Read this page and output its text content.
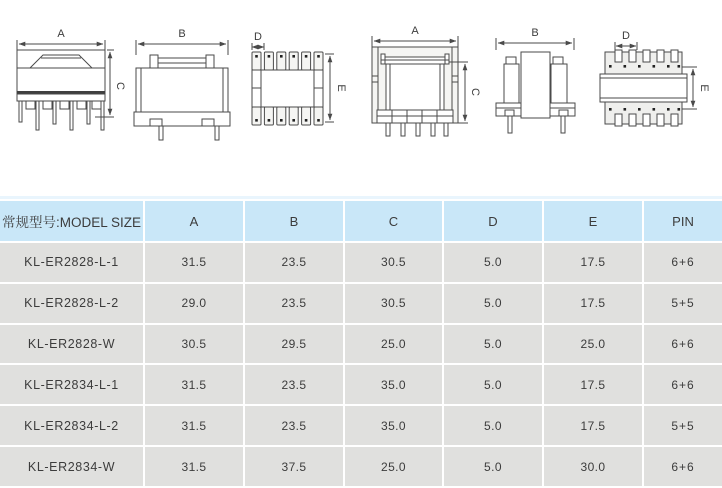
A
C
B	D
E
A
C
B	D
E
常规型号:MODEL SIZE	A	B	C	D	E	PIN
KL-ER2828-L-1	31.5	23.5	30.5	5.0	17.5	6+6
KL-ER2828-L-2	29.0	23.5	30.5	5.0	17.5	5+5
KL-ER2828-W	30.5	29.5	25.0	5.0	25.0	6+6
KL-ER2834-L-1	31.5	23.5	35.0	5.0	17.5	6+6
KL-ER2834-L-2	31.5	23.5	35.0	5.0	17.5	5+5
KL-ER2834-W	31.5	37.5	25.0	5.0	30.0	6+6
